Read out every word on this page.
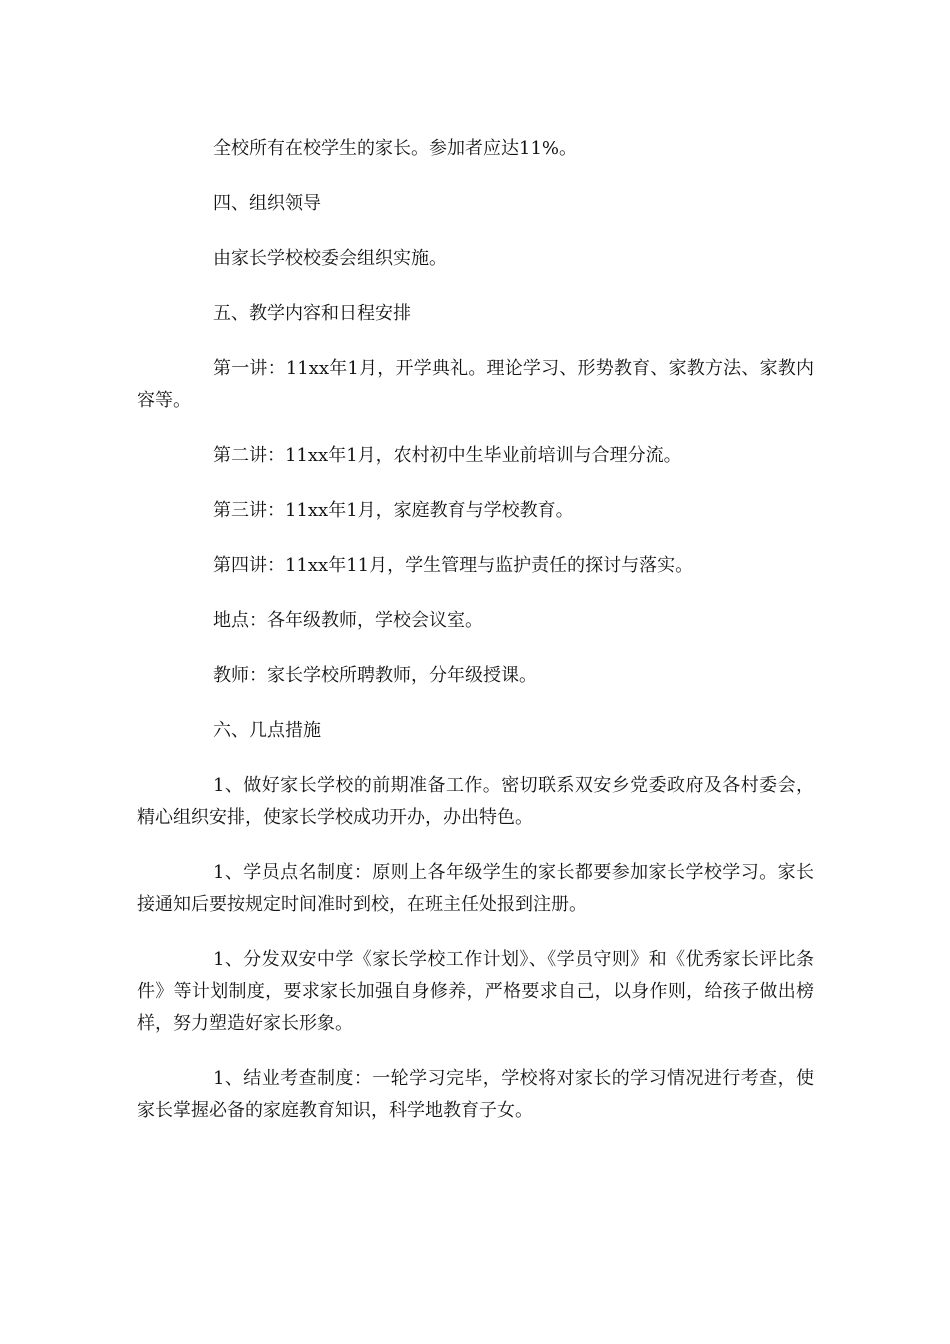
全校所有在校学生的家长。参加者应达11%。

四、组织领导

由家长学校校委会组织实施。

五、教学内容和日程安排

第一讲：11xx年1月，开学典礼。理论学习、形势教育、家教方法、家教内容等。

第二讲：11xx年1月，农村初中生毕业前培训与合理分流。

第三讲：11xx年1月，家庭教育与学校教育。

第四讲：11xx年11月，学生管理与监护责任的探讨与落实。

地点：各年级教师，学校会议室。

教师：家长学校所聘教师，分年级授课。

六、几点措施

1、做好家长学校的前期准备工作。密切联系双安乡党委政府及各村委会，精心组织安排，使家长学校成功开办，办出特色。

1、学员点名制度：原则上各年级学生的家长都要参加家长学校学习。家长接通知后要按规定时间准时到校，在班主任处报到注册。

1、分发双安中学《家长学校工作计划》、《学员守则》和《优秀家长评比条件》等计划制度，要求家长加强自身修养，严格要求自己，以身作则，给孩子做出榜样，努力塑造好家长形象。

1、结业考查制度：一轮学习完毕，学校将对家长的学习情况进行考查，使家长掌握必备的家庭教育知识，科学地教育子女。
